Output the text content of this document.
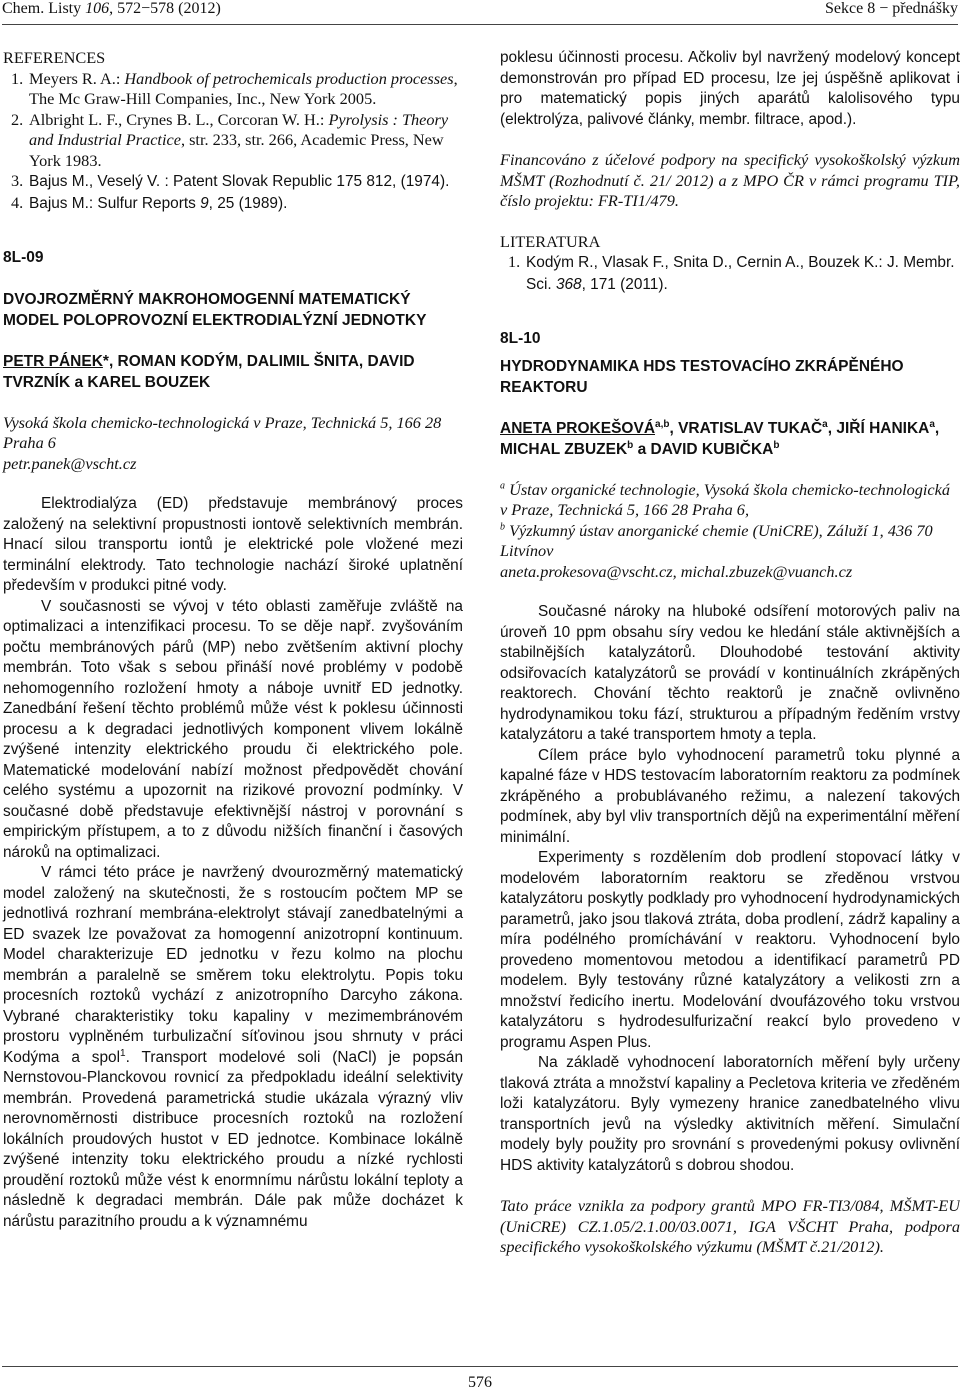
Chem. Listy 106, 572−578 (2012)	Sekce 8 − přednášky
REFERENCES
1. Meyers R. A.: Handbook of petrochemicals production processes, The Mc Graw-Hill Companies, Inc., New York 2005.
2. Albright L. F., Crynes B. L., Corcoran W. H.: Pyrolysis : Theory and Industrial Practice, str. 233, str. 266, Academic Press, New York 1983.
3. Bajus M., Veselý V. : Patent Slovak Republic 175 812, (1974).
4. Bajus M.: Sulfur Reports 9, 25 (1989).
8L-09
DVOJROZMĚRNÝ MAKROHOMOGENNÍ MATEMATICKÝ MODEL POLOPROVOZNÍ ELEKTRODIALÝZNÍ JEDNOTKY
PETR PÁNEK*, ROMAN KODÝM, DALIMIL ŠNITA, DAVID TVRZNÍK a KAREL BOUZEK
Vysoká škola chemicko-technologická v Praze, Technická 5, 166 28 Praha 6
petr.panek@vscht.cz

Elektrodialýza (ED) představuje membránový proces založený na selektivní propustnosti iontově selektivních membrán. Hnací silou transportu iontů je elektrické pole vložené mezi terminální elektrody. Tato technologie nachází široké uplatnění především v produkci pitné vody.

V současnosti se vývoj v této oblasti zaměřuje zvláště na optimalizaci a intenzifikaci procesu. To se děje např. zvyšováním počtu membránových párů (MP) nebo zvětšením aktivní plochy membrán. Toto však s sebou přináší nové problémy v podobě nehomogenního rozložení hmoty a náboje uvnitř ED jednotky. Zanedbání řešení těchto problémů může vést k poklesu účinnosti procesu a k degradaci jednotlivých komponent vlivem lokálně zvýšené intenzity elektrického proudu či elektrického pole. Matematické modelování nabízí možnost předpovědět chování celého systému a upozornit na rizikové provozní podmínky. V současné době představuje efektivnější nástroj v porovnání s empirickým přístupem, a to z důvodu nižších finanční i časových nároků na optimalizaci.

V rámci této práce je navržený dvourozměrný matematický model založený na skutečnosti, že s rostoucím počtem MP se jednotlivá rozhraní membrána-elektrolyt stávají zanedbatelnými a ED svazek lze považovat za homogenní anizotropní kontinuum. Model charakterizuje ED jednotku v řezu kolmo na plochu membrán a paralelně se směrem toku elektrolytu. Popis toku procesních roztoků vychází z anizotropního Darcyho zákona. Vybrané charakteristiky toku kapaliny v mezimembránovém prostoru vyplněném turbulizační síťovinou jsou shrnuty v práci Kodýma a spol$^1$. Transport modelové soli (NaCl) je popsán Nernstovou-Planckovou rovnicí za předpokladu ideální selektivity membrán. Provedená parametrická studie ukázala výrazný vliv nerovnoměrnosti distribuce procesních roztoků na rozložení lokálních proudových hustot v ED jednotce. Kombinace lokálně zvýšené intenzity toku elektrického proudu a nízké rychlosti proudění roztoků může vést k enormnímu nárůstu lokální teploty a následně k degradaci membrán. Dále pak může docházet k nárůstu parazitního proudu a k významnému

poklesu účinnosti procesu. Ačkoliv byl navržený modelový koncept demonstrován pro případ ED procesu, lze jej úspěšně aplikovat i pro matematický popis jiných aparátů kalolisového typu (elektrolýza, palivové články, membr. filtrace, apod.).

Financováno z účelové podpory na specifický vysokoškolský výzkum MŠMT (Rozhodnutí č. 21/ 2012) a z MPO ČR v rámci programu TIP, číslo projektu: FR-TI1/479.
LITERATURA
1. Kodým R., Vlasak F., Snita D., Cernin A., Bouzek K.: J. Membr. Sci. 368, 171 (2011).
8L-10
HYDRODYNAMIKA HDS TESTOVACÍHO ZKRÁPĚNÉHO REAKTORU
ANETA PROKEŠOVÁ$^{a,b}$, VRATISLAV TUKAČ$^a$, JIŘÍ HANIKA$^a$, MICHAL ZBUZEK$^b$ a DAVID KUBIČKA$^b$
$^a$ Ústav organické technologie, Vysoká škola chemicko-technologická v Praze, Technická 5, 166 28 Praha 6,
$^b$ Výzkumný ústav anorganické chemie (UniCRE), Záluží 1, 436 70 Litvínov
aneta.prokesova@vscht.cz, michal.zbuzek@vuanch.cz

Současné nároky na hluboké odsíření motorových paliv na úroveň 10 ppm obsahu síry vedou ke hledání stále aktivnějších a stabilnějších katalyzátorů. Dlouhodobé testování aktivity odsiřovacích katalyzátorů se provádí v kontinuálních zkrápěných reaktorech. Chování těchto reaktorů je značně ovlivněno hydrodynamikou toku fází, strukturou a případným ředěním vrstvy katalyzátoru a také transportem hmoty a tepla.

Cílem práce bylo vyhodnocení parametrů toku plynné a kapalné fáze v HDS testovacím laboratorním reaktoru za podmínek zkrápěného a probublávaného režimu, a nalezení takových podmínek, aby byl vliv transportních dějů na experimentální měření minimální.

Experimenty s rozdělením dob prodlení stopovací látky v modelovém laboratorním reaktoru se zředěnou vrstvou katalyzátoru poskytly podklady pro vyhodnocení hydrodynamických parametrů, jako jsou tlaková ztráta, doba prodlení, zádrž kapaliny a míra podélného promíchávání v reaktoru. Vyhodnocení bylo provedeno momentovou metodou a identifikací parametrů PD modelem. Byly testovány různé katalyzátory a velikosti zrn a množství ředicího inertu. Modelování dvoufázového toku vrstvou katalyzátoru s hydrodesulfurizační reakcí bylo provedeno v programu Aspen Plus.

Na základě vyhodnocení laboratorních měření byly určeny tlaková ztráta a množství kapaliny a Pecletova kriteria ve zředěném loži katalyzátoru. Byly vymezeny hranice zanedbatelného vlivu transportních jevů na výsledky aktivitních měření. Simulační modely byly použity pro srovnání s provedenými pokusy ovlivnění HDS aktivity katalyzátorů s dobrou shodou.

Tato práce vznikla za podpory grantů MPO FR-TI3/084, MŠMT-EU (UniCRE) CZ.1.05/2.1.00/03.0071, IGA VŠCHT Praha, podpora specifického vysokoškolského výzkumu (MŠMT č.21/2012).
576
